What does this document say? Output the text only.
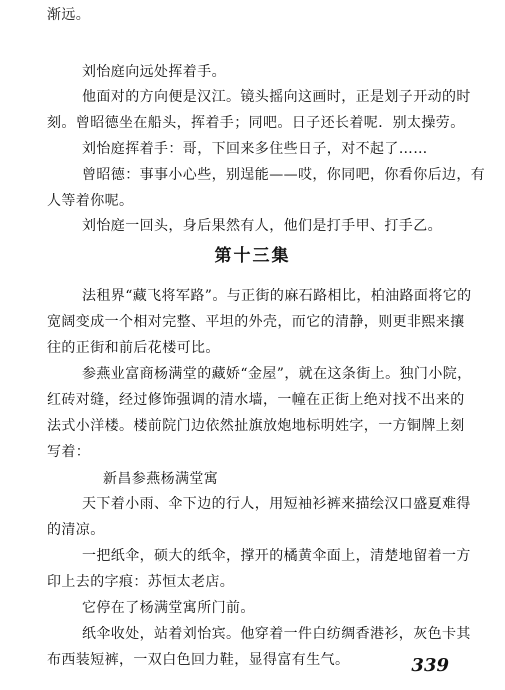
渐远。

刘怡庭向远处挥着手。

他面对的方向便是汉江。镜头摇向这画时，正是划子开动的时
刻。曾昭德坐在船头，挥着手；同吧。日子还长着呢．别太操劳。

刘怡庭挥着手：哥，下回来多住些日子，对不起了……

曾昭德：事事小心些，别逞能——哎，你同吧，你看你后边，有
人等着你呢。

刘怡庭一回头，身后果然有人，他们是打手甲、打手乙。

第十三集

法租界“藏飞将军路”。与正街的麻石路相比，柏油路面将它的
宽阔变成一个相对完整、平坦的外壳，而它的清静，则更非熙来攘
往的正街和前后花楼可比。

参燕业富商杨满堂的藏娇“金屋”，就在这条街上。独门小院，
红砖对缝，经过修饰强调的清水墙，一幢在正街上绝对找不出来的
法式小洋楼。楼前院门边依然扯旗放炮地标明姓字，一方铜牌上刻
写着：

新昌参燕杨满堂寓

天下着小雨、伞下边的行人，用短袖衫裤来描绘汉口盛夏难得
的清凉。

一把纸伞，硕大的纸伞，撑开的橘黄伞面上，清楚地留着一方
印上去的字痕：苏恒太老店。

它停在了杨满堂寓所门前。

纸伞收处，站着刘怡宾。他穿着一件白纺绸香港衫，灰色卡其
布西装短裤，一双白色回力鞋，显得富有生气。	339
